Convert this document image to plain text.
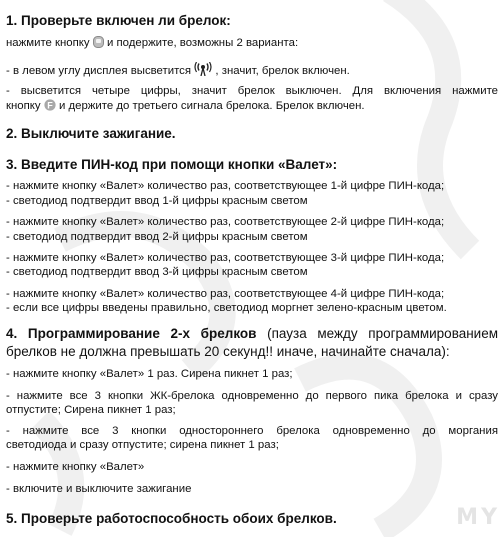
1. Проверьте включен ли брелок:
нажмите кнопку и подержите, возможны 2 варианта:
- в левом углу дисплея высветится , значит, брелок включен.
- высветится четыре цифры, значит брелок выключен. Для включения нажмите
кнопку F и держите до третьего сигнала брелока. Брелок включен.
2. Выключите зажигание.
3. Введите ПИН-код при помощи кнопки «Валет»:
- нажмите кнопку «Валет» количество раз, соответствующее 1-й цифре ПИН-кода;
- светодиод подтвердит ввод 1-й цифры красным светом
- нажмите кнопку «Валет» количество раз, соответствующее 2-й цифре ПИН-кода;
- светодиод подтвердит ввод 2-й цифры красным светом
- нажмите кнопку «Валет» количество раз, соответствующее 3-й цифре ПИН-кода;
- светодиод подтвердит ввод 3-й цифры красным светом
- нажмите кнопку «Валет» количество раз, соответствующее 4-й цифре ПИН-кода;
- если все цифры введены правильно, светодиод моргнет зелено-красным цветом.
4. Программирование 2-х брелков (пауза между программированием
брелков не должна превышать 20 секунд!! иначе, начинайте сначала):
- нажмите кнопку «Валет» 1 раз. Сирена пикнет 1 раз;
- нажмите все 3 кнопки ЖК-брелока одновременно до первого пика брелока и сразу
отпустите; Сирена пикнет 1 раз;
- нажмите все 3 кнопки одностороннего брелока одновременно до моргания
светодиода и сразу отпустите; сирена пикнет 1 раз;
- нажмите кнопку «Валет»
- включите и выключите зажигание
5. Проверьте работоспособность обоих брелков.	MY
